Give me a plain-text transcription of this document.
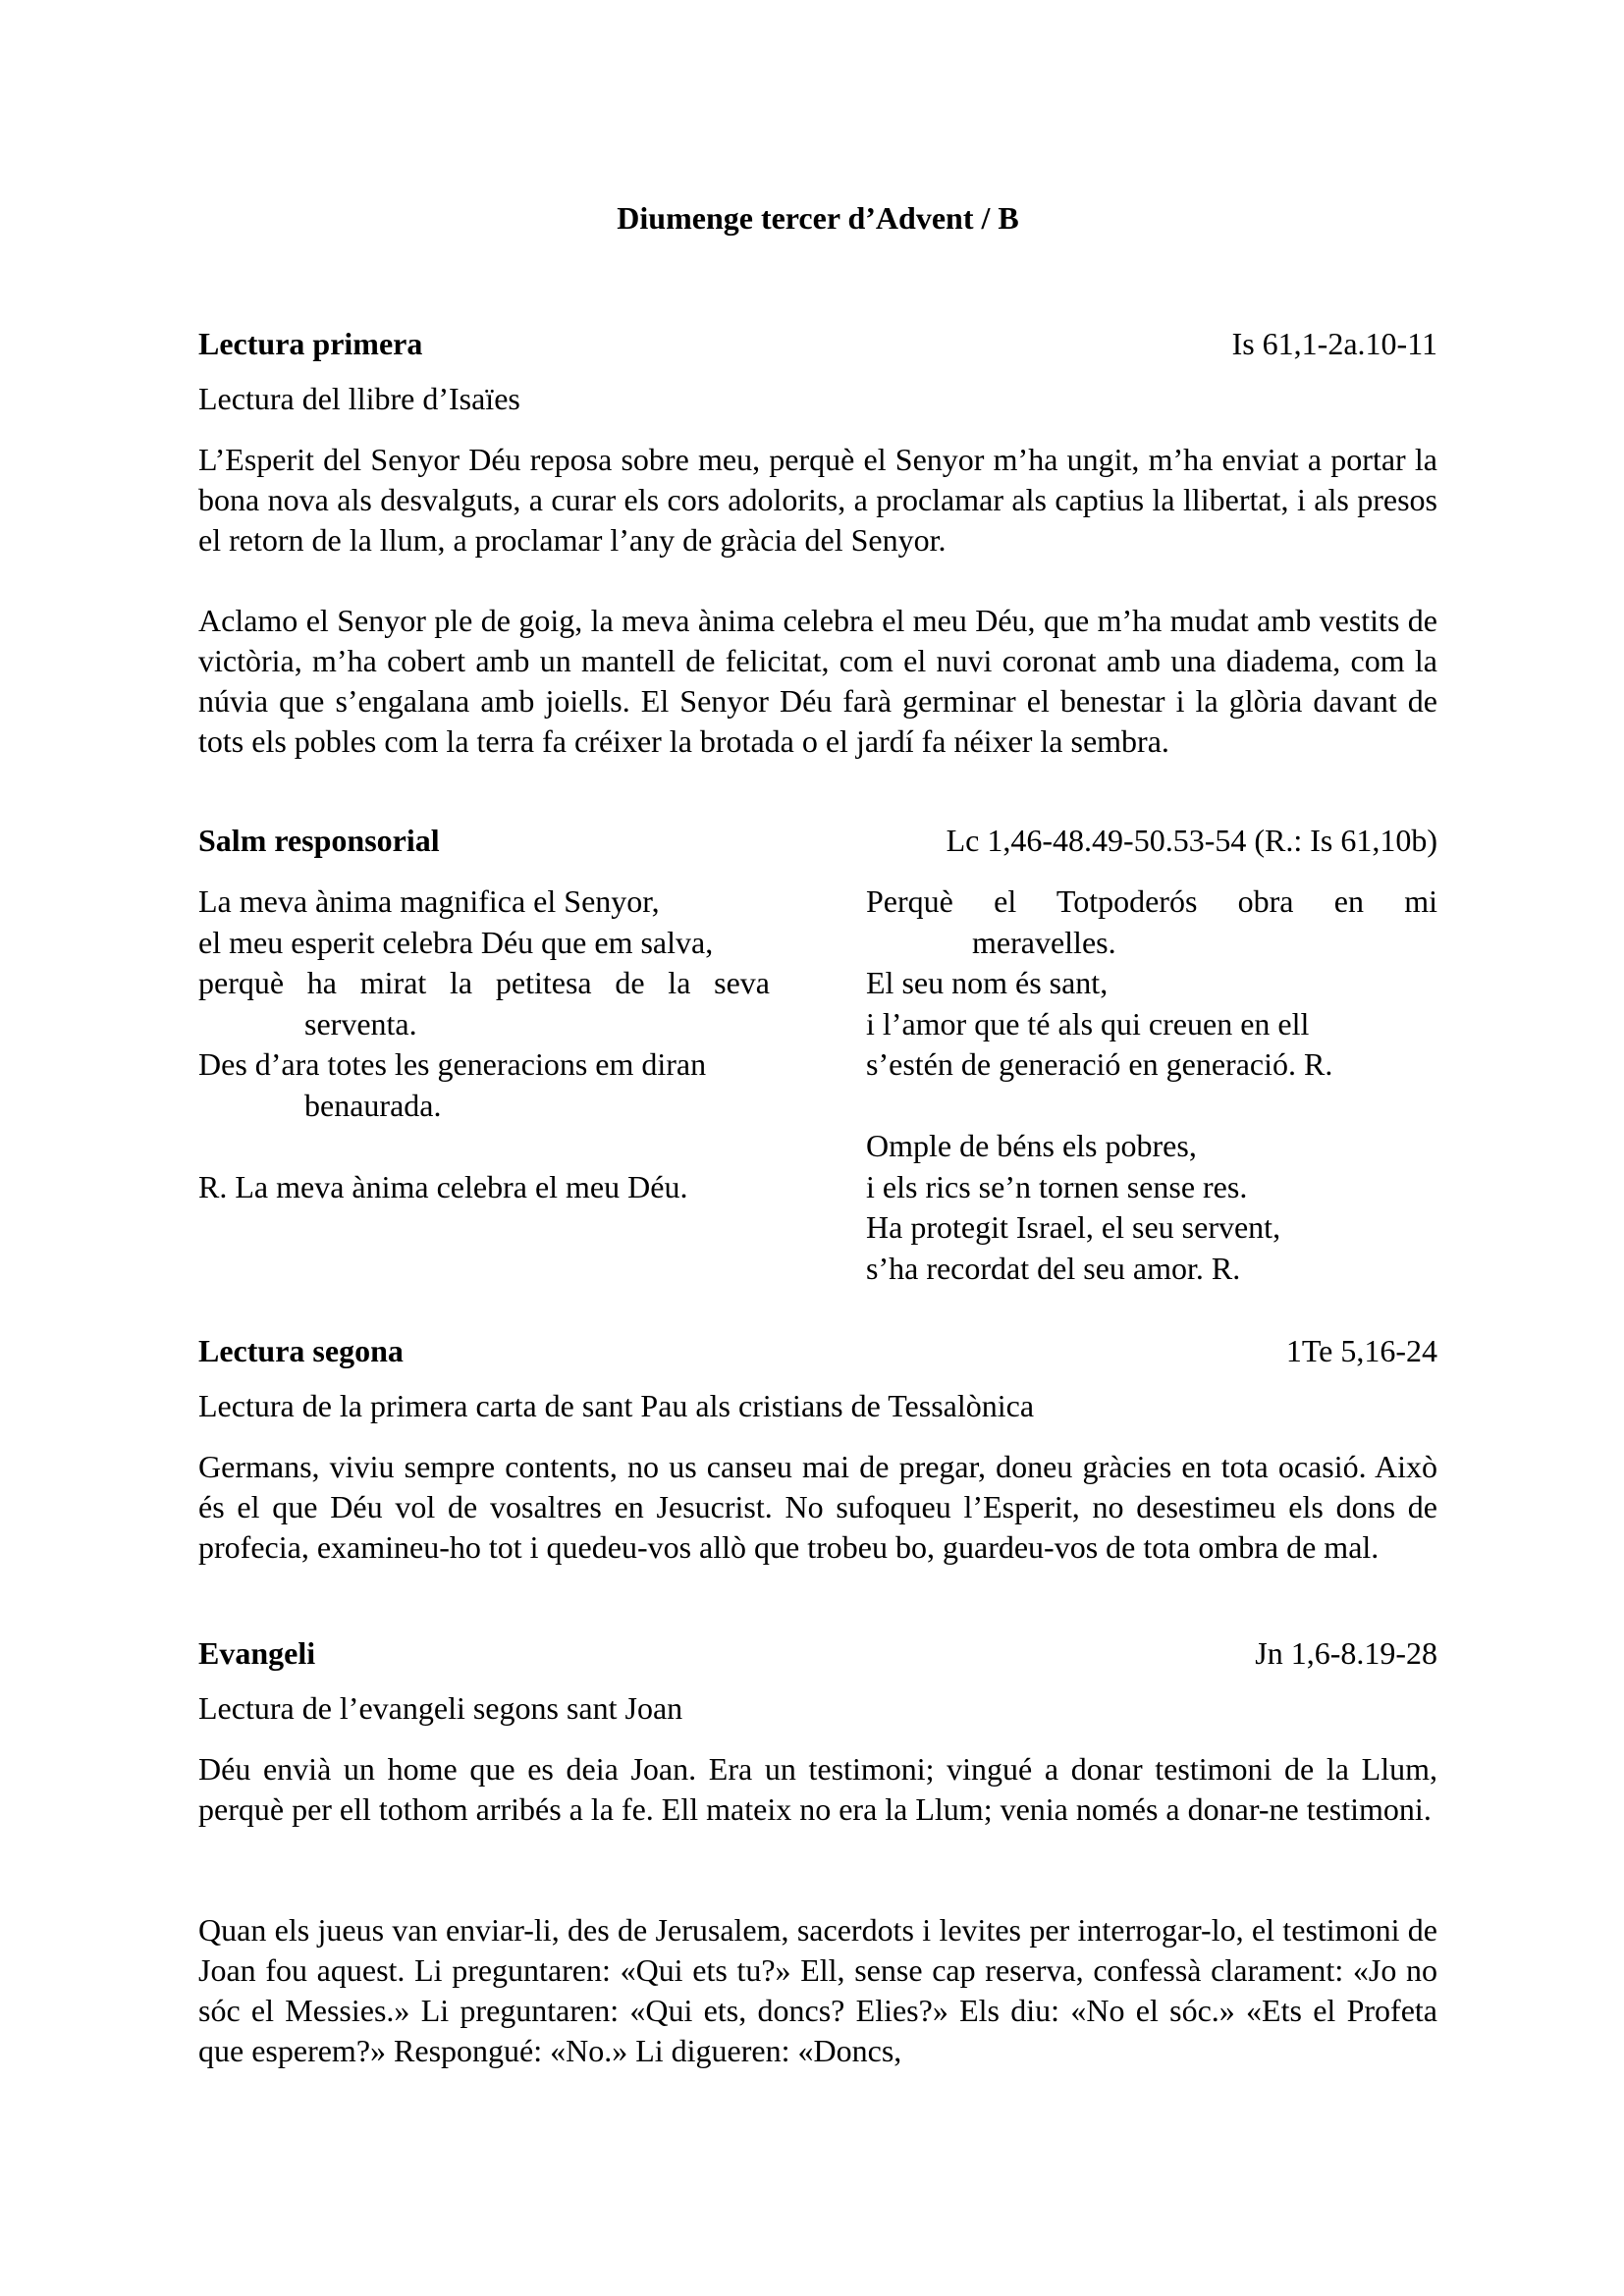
Diumenge tercer d’Advent / B
Lectura primera	Is 61,1-2a.10-11
Lectura del llibre d’Isaïes
L’Esperit del Senyor Déu reposa sobre meu, perquè el Senyor m’ha ungit, m’ha enviat a portar la bona nova als desvalguts, a curar els cors adolorits, a proclamar als captius la llibertat, i als presos el retorn de la llum, a proclamar l’any de gràcia del Senyor.
Aclamo el Senyor ple de goig, la meva ànima celebra el meu Déu, que m’ha mudat amb vestits de victòria, m’ha cobert amb un mantell de felicitat, com el nuvi coronat amb una diadema, com la núvia que s’engalana amb joiells. El Senyor Déu farà germinar el benestar i la glòria davant de tots els pobles com la terra fa créixer la brotada o el jardí fa néixer la sembra.
Salm responsorial	Lc 1,46-48.49-50.53-54 (R.: Is 61,10b)
La meva ànima magnifica el Senyor,
el meu esperit celebra Déu que em salva,
perquè ha mirat la petitesa de la seva
serventa.
Des d’ara totes les generacions em diran
benaurada.
R. La meva ànima celebra el meu Déu.
Perquè el Totpoderós obra en mi
meravelles.
El seu nom és sant,
i l’amor que té als qui creuen en ell
s’estén de generació en generació. R.
Omple de béns els pobres,
i els rics se’n tornen sense res.
Ha protegit Israel, el seu servent,
s’ha recordat del seu amor. R.
Lectura segona	1Te 5,16-24
Lectura de la primera carta de sant Pau als cristians de Tessalònica
Germans, viviu sempre contents, no us canseu mai de pregar, doneu gràcies en tota ocasió. Això és el que Déu vol de vosaltres en Jesucrist. No sufoqueu l’Esperit, no desestimeu els dons de profecia, examineu-ho tot i quedeu-vos allò que trobeu bo, guardeu-vos de tota ombra de mal.
Evangeli	Jn 1,6-8.19-28
Lectura de l’evangeli segons sant Joan
Déu envià un home que es deia Joan. Era un testimoni; vingué a donar testimoni de la Llum, perquè per ell tothom arribés a la fe. Ell mateix no era la Llum; venia només a donar-ne testimoni.
Quan els jueus van enviar-li, des de Jerusalem, sacerdots i levites per interrogar-lo, el testimoni de Joan fou aquest. Li preguntaren: «Qui ets tu?» Ell, sense cap reserva, confessà clarament: «Jo no sóc el Messies.» Li preguntaren: «Qui ets, doncs? Elies?» Els diu: «No el sóc.» «Ets el Profeta que esperem?» Respongué: «No.» Li digueren: «Doncs,
